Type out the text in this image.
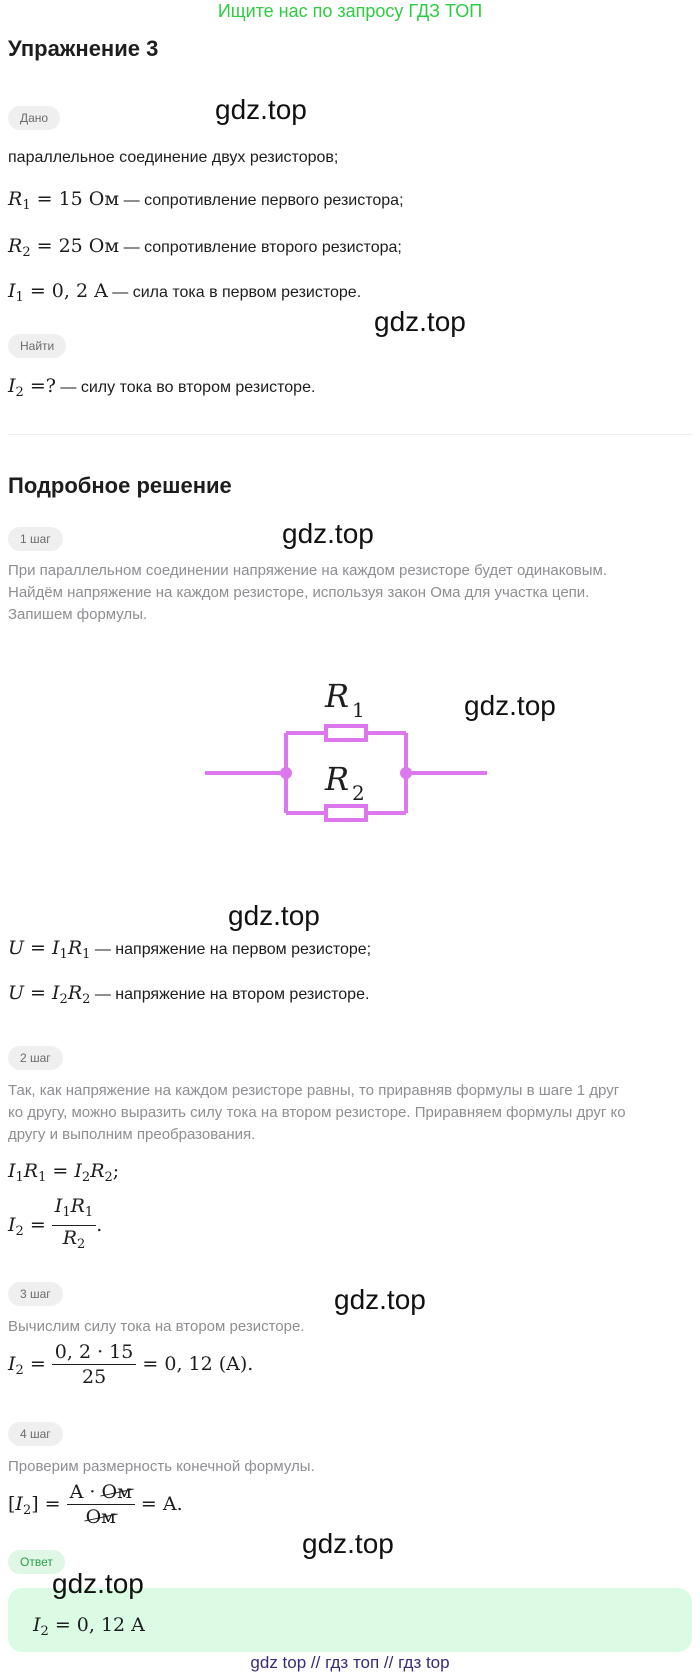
Ищите нас по запросу ГДЗ ТОП
Упражнение 3
Дано	gdz.top
параллельное соединение двух резисторов;
$R_1 = 15$ Ом — сопротивление первого резистора;
$R_2 = 25$ Ом — сопротивление второго резистора;
$I_1 = 0$, 2 A — сила тока в первом резисторе.
gdz.top
Найти
$I_2$ =? — силу тока во втором резисторе.
Подробное решение
1 шаг	gdz.top
При параллельном соединении напряжение на каждом резисторе будет одинаковым.
Найдём напряжение на каждом резисторе, используя закон Ома для участка цепи.
Запишем формулы.
R 1
R 2
gdz.top
gdz.top
$U = I_1R_1$ — напряжение на первом резисторе;
$U = I_2R_2$ — напряжение на втором резисторе.
2 шаг
Так, как напряжение на каждом резисторе равны, то приравняв формулы в шаге 1 друг
ко другу, можно выразить силу тока на втором резисторе. Приравняем формулы друг ко
другу и выполним преобразования.
$I_1R_1 = I_2R_2$;
$I_2 = \frac{I_1R_1}{R_2}$ .
3 шаг	gdz.top
Вычислим силу тока на втором резисторе.
$I_2 = \frac{0, 2 \cdot 15}{25} = 0$, 12 (A).
4 шаг
Проверим размерность конечной формулы.
$[I_2] = \frac{A \cdot Ом}{Ом} = A$.
gdz.top
Ответ
gdz.top
$I_2 = 0$, 12 A
gdz top // гдз топ // гдз top
